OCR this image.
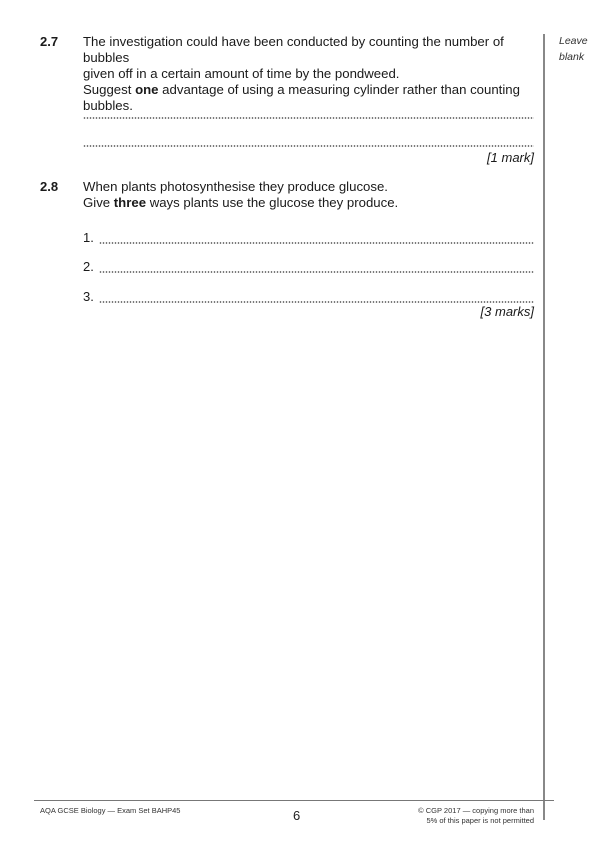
Leave
blank
2.7 The investigation could have been conducted by counting the number of bubbles
given off in a certain amount of time by the pondweed.
Suggest one advantage of using a measuring cylinder rather than counting bubbles.
[1 mark]
2.8 When plants photosynthesise they produce glucose.
Give three ways plants use the glucose they produce.
1.
2.
3.
[3 marks]
AQA GCSE Biology — Exam Set BAHP45	6	© CGP 2017 — copying more than
5% of this paper is not permitted
